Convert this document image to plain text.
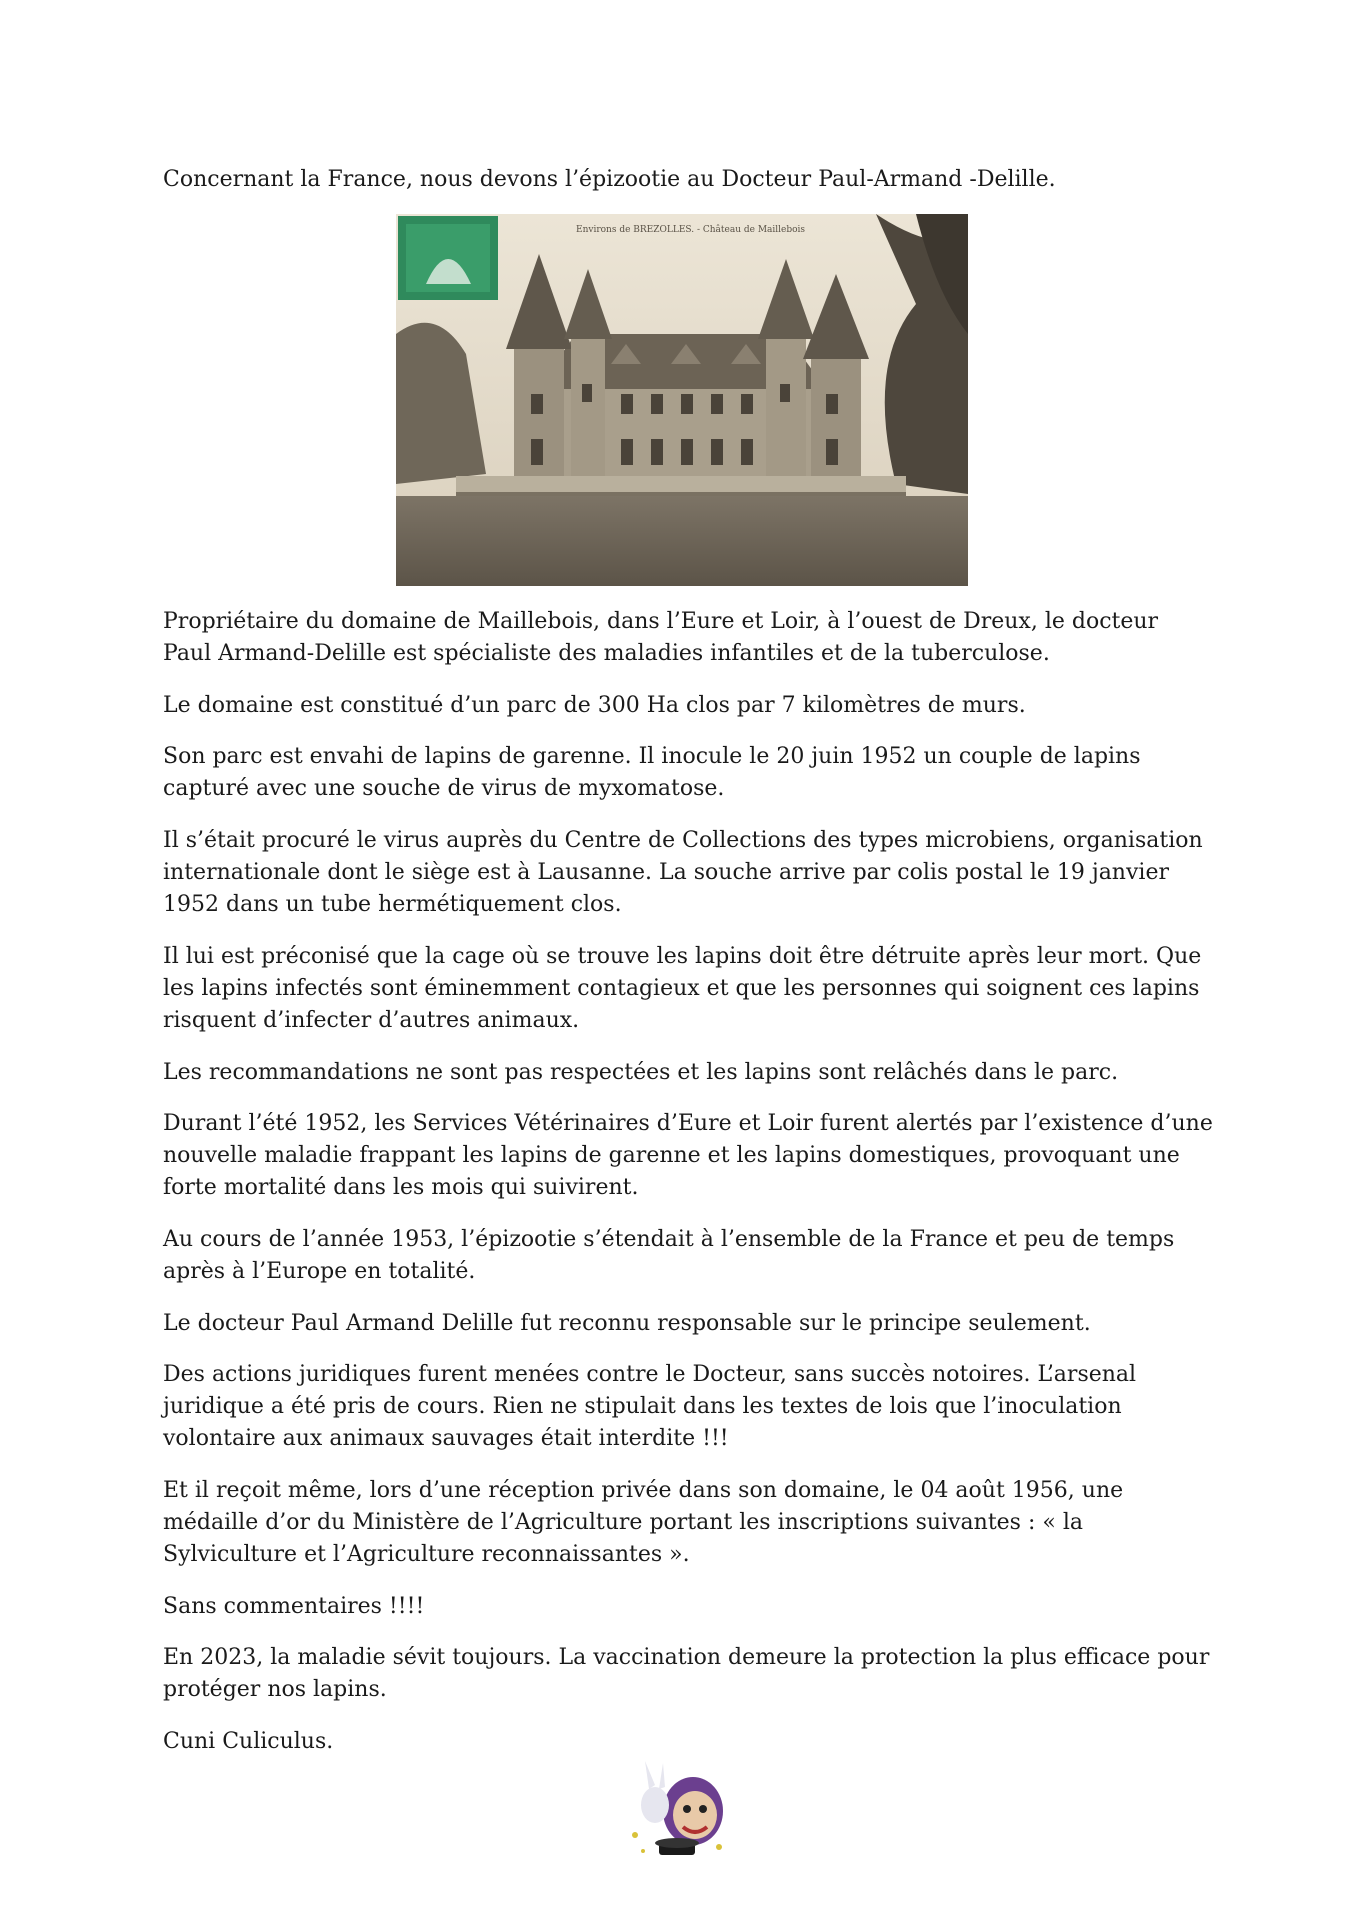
Concernant la France, nous devons l’épizootie au Docteur Paul-Armand -Delille.

Environs de BREZOLLES. - Château de Maillebois

Propriétaire du domaine de Maillebois, dans l’Eure et Loir, à l’ouest de Dreux, le docteur Paul Armand-Delille est spécialiste des maladies infantiles et de la tuberculose.

Le domaine est constitué d’un parc de 300 Ha clos par 7 kilomètres de murs.

Son parc est envahi de lapins de garenne. Il inocule le 20 juin 1952 un couple de lapins capturé avec une souche de virus de myxomatose.

Il s’était procuré le virus auprès du Centre de Collections des types microbiens, organisation internationale dont le siège est à Lausanne. La souche arrive par colis postal le 19 janvier 1952 dans un tube hermétiquement clos.

Il lui est préconisé que la cage où se trouve les lapins doit être détruite après leur mort. Que les lapins infectés sont éminemment contagieux et que les personnes qui soignent ces lapins risquent d’infecter d’autres animaux.

Les recommandations ne sont pas respectées et les lapins sont relâchés dans le parc.

Durant l’été 1952, les Services Vétérinaires d’Eure et Loir furent alertés par l’existence d’une nouvelle maladie frappant les lapins de garenne et les lapins domestiques, provoquant une forte mortalité dans les mois qui suivirent.

Au cours de l’année 1953, l’épizootie s’étendait à l’ensemble de la France et peu de temps après à l’Europe en totalité.

Le docteur Paul Armand Delille fut reconnu responsable sur le principe seulement.

Des actions juridiques furent menées contre le Docteur, sans succès notoires. L’arsenal juridique a été pris de cours. Rien ne stipulait dans les textes de lois que l’inoculation volontaire aux animaux sauvages était interdite !!!

Et il reçoit même, lors d’une réception privée dans son domaine, le 04 août 1956, une médaille d’or du Ministère de l’Agriculture portant les inscriptions suivantes : « la Sylviculture et l’Agriculture reconnaissantes ».

Sans commentaires !!!!

En 2023, la maladie sévit toujours. La vaccination demeure la protection la plus efficace pour protéger nos lapins.

Cuni Culiculus.
